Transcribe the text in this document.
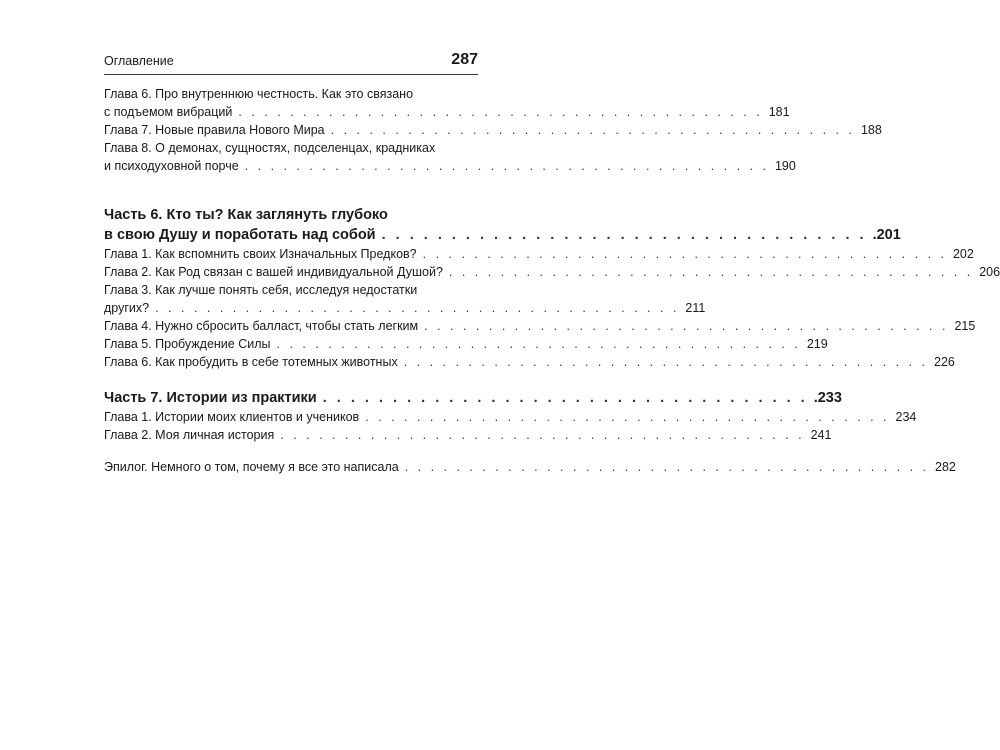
Оглавление	287
Глава 6. Про внутреннюю честность. Как это связано
с подъемом вибраций . . . . . . . . . . . . . . . . . . . . . . . . . . . . . . . . . . . . . . . . . 181
Глава 7. Новые правила Нового Мира . . . . . . . . . . . . . . . . . . . . . . . . . . . . . . . . . . . . . . . . . 188
Глава 8. О демонах, сущностях, подселенцах, крадниках
и психодуховной порче . . . . . . . . . . . . . . . . . . . . . . . . . . . . . . . . . . . . . . . . . 190
Часть 6. Кто ты? Как заглянуть глубоко
в свою Душу и поработать над собой . . . . . . . . . . . . . . . . . . . . . . . . . . . . . . . . . . . .201
Глава 1. Как вспомнить своих Изначальных Предков? . . . . . . . . . . . . . . . . . . . . . . . . . . . . . . . . . . . . . . . . . 202
Глава 2. Как Род связан с вашей индивидуальной Душой? . . . . . . . . . . . . . . . . . . . . . . . . . . . . . . . . . . . . . . . . . 206
Глава 3. Как лучше понять себя, исследуя недостатки
других? . . . . . . . . . . . . . . . . . . . . . . . . . . . . . . . . . . . . . . . . . 211
Глава 4. Нужно сбросить балласт, чтобы стать легким . . . . . . . . . . . . . . . . . . . . . . . . . . . . . . . . . . . . . . . . . 215
Глава 5. Пробуждение Силы . . . . . . . . . . . . . . . . . . . . . . . . . . . . . . . . . . . . . . . . . 219
Глава 6. Как пробудить в себе тотемных животных . . . . . . . . . . . . . . . . . . . . . . . . . . . . . . . . . . . . . . . . . 226
Часть 7. Истории из практики . . . . . . . . . . . . . . . . . . . . . . . . . . . . . . . . . . . .233
Глава 1. Истории моих клиентов и учеников . . . . . . . . . . . . . . . . . . . . . . . . . . . . . . . . . . . . . . . . . 234
Глава 2. Моя личная история . . . . . . . . . . . . . . . . . . . . . . . . . . . . . . . . . . . . . . . . . 241
Эпилог. Немного о том, почему я все это написала . . . . . . . . . . . . . . . . . . . . . . . . . . . . . . . . . . . . . . . . . 282
